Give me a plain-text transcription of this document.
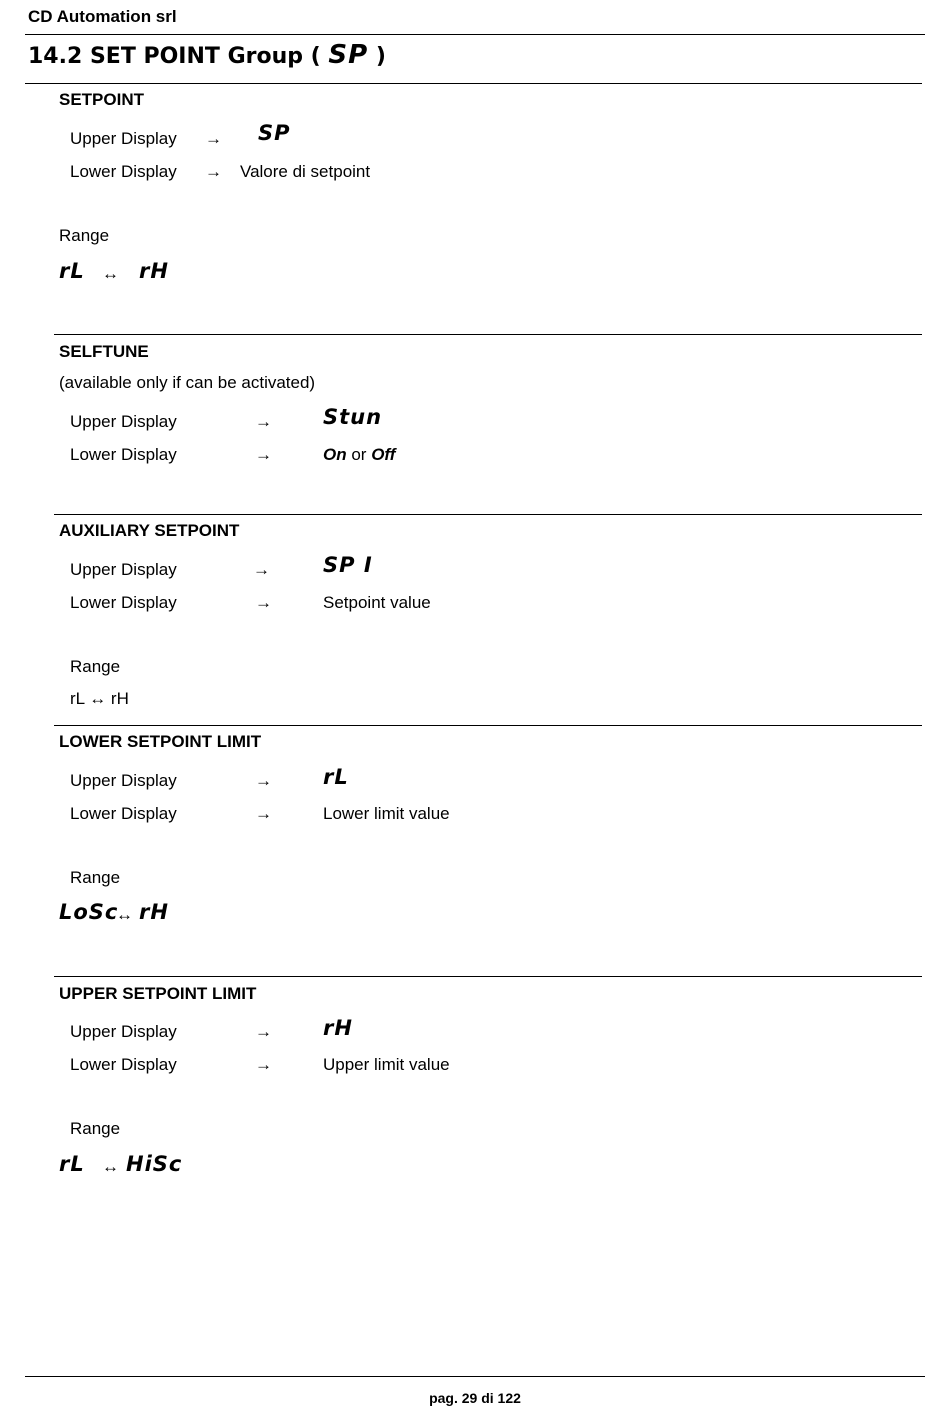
CD Automation srl
14.2 SET POINT Group ( SP )
SETPOINT
Upper Display → SP
Lower Display → Valore di setpoint
Range
rL ↔ rH
SELFTUNE
(available only if can be activated)
Upper Display	→ Stun
Lower Display	→	On or Off
AUXILIARY SETPOINT
Upper Display	→	SP I
Lower Display	→	Setpoint value
Range
rL ↔ rH
LOWER SETPOINT LIMIT
Upper Display	→ rL
Lower Display	→	Lower limit value
Range
LoSc
↔ rH
UPPER SETPOINT LIMIT
Upper Display	→ rH
Lower Display	→	Upper limit value
Range
rL ↔ HiSc
pag. 29 di 122
